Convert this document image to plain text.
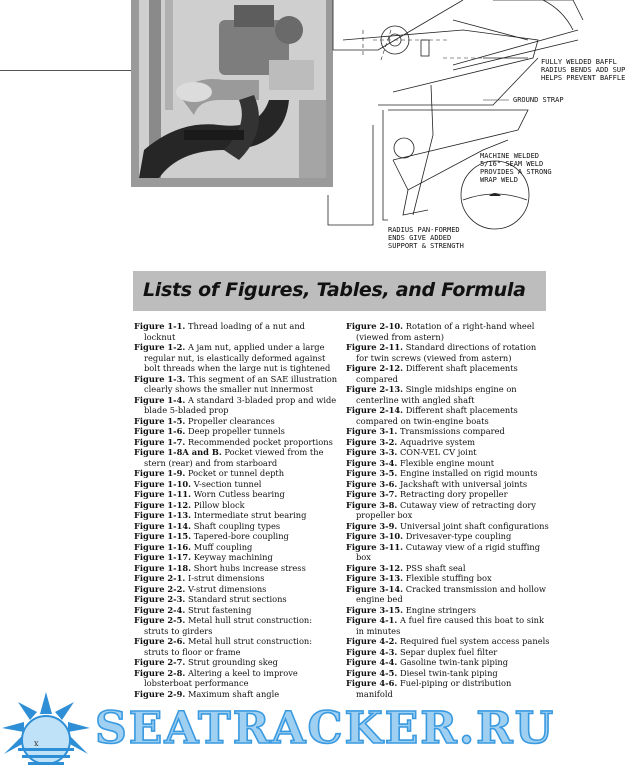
FULLY WELDED BAFFL
RADIUS BENDS ADD SUP
HELPS PREVENT BAFFLE
GROUND STRAP
MACHINE WELDED
5/16" SEAM WELD
PROVIDES A STRONG
WRAP WELD
RADIUS PAN-FORMED
ENDS GIVE ADDED
SUPPORT & STRENGTH
Lists of Figures, Tables, and Formula

Figure 1-1. Thread loading of a nut and locknut

Figure 1-2. A jam nut, applied under a large regular nut, is elastically deformed against bolt threads when the large nut is tightened

Figure 1-3. This segment of an SAE illustration clearly shows the smaller nut innermost

Figure 1-4. A standard 3-bladed prop and wide blade 5-bladed prop

Figure 1-5. Propeller clearances

Figure 1-6. Deep propeller tunnels

Figure 1-7. Recommended pocket proportions

Figure 1-8A and B. Pocket viewed from the stern (rear) and from starboard

Figure 1-9. Pocket or tunnel depth

Figure 1-10. V-section tunnel

Figure 1-11. Worn Cutless bearing

Figure 1-12. Pillow block

Figure 1-13. Intermediate strut bearing

Figure 1-14. Shaft coupling types

Figure 1-15. Tapered-bore coupling

Figure 1-16. Muff coupling

Figure 1-17. Keyway machining

Figure 1-18. Short hubs increase stress

Figure 2-1. I-strut dimensions

Figure 2-2. V-strut dimensions

Figure 2-3. Standard strut sections

Figure 2-4. Strut fastening

Figure 2-5. Metal hull strut construction: struts to girders

Figure 2-6. Metal hull strut construction: struts to floor or frame

Figure 2-7. Strut grounding skeg

Figure 2-8. Altering a keel to improve lobsterboat performance

Figure 2-9. Maximum shaft angle

Figure 2-10. Rotation of a right-hand wheel (viewed from astern)

Figure 2-11. Standard directions of rotation for twin screws (viewed from astern)

Figure 2-12. Different shaft placements compared

Figure 2-13. Single midships engine on centerline with angled shaft

Figure 2-14. Different shaft placements compared on twin-engine boats

Figure 3-1. Transmissions compared

Figure 3-2. Aquadrive system

Figure 3-3. CON-VEL CV joint

Figure 3-4. Flexible engine mount

Figure 3-5. Engine installed on rigid mounts

Figure 3-6. Jackshaft with universal joints

Figure 3-7. Retracting dory propeller

Figure 3-8. Cutaway view of retracting dory propeller box

Figure 3-9. Universal joint shaft configurations

Figure 3-10. Drivesaver-type coupling

Figure 3-11. Cutaway view of a rigid stuffing box

Figure 3-12. PSS shaft seal

Figure 3-13. Flexible stuffing box

Figure 3-14. Cracked transmission and hollow engine bed

Figure 3-15. Engine stringers

Figure 4-1. A fuel fire caused this boat to sink in minutes

Figure 4-2. Required fuel system access panels

Figure 4-3. Separ duplex fuel filter

Figure 4-4. Gasoline twin-tank piping

Figure 4-5. Diesel twin-tank piping

Figure 4-6. Fuel-piping or distribution manifold

x SEATRACKER.RU
